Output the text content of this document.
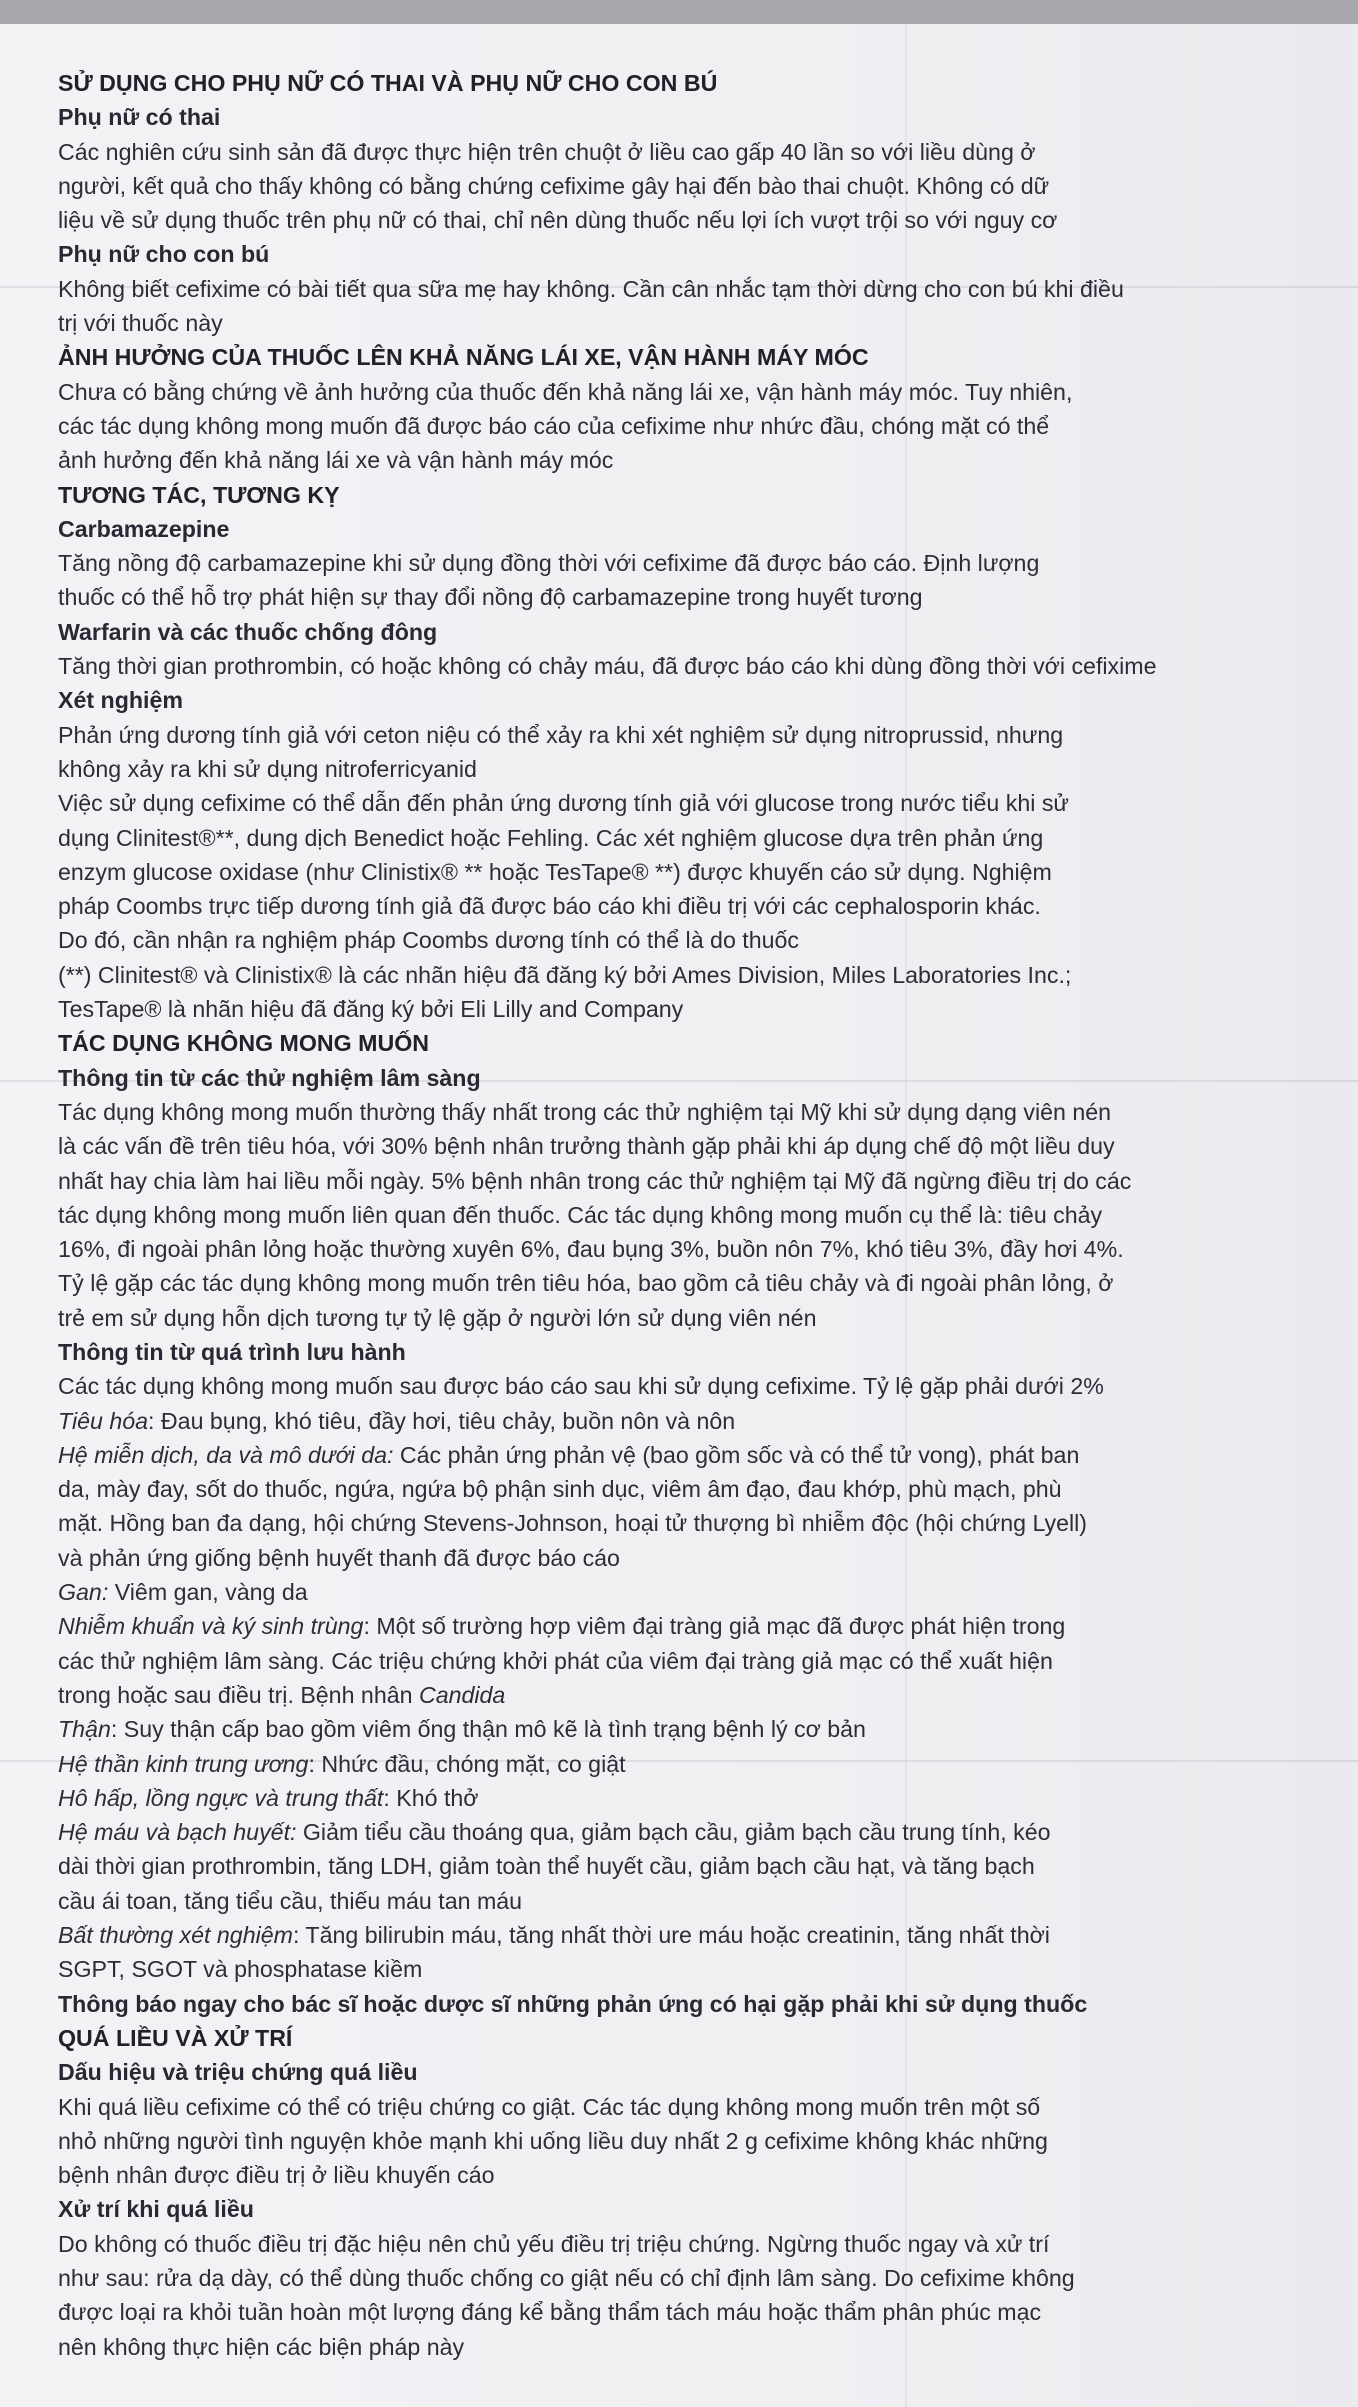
SỬ DỤNG CHO PHỤ NỮ CÓ THAI VÀ PHỤ NỮ CHO CON BÚ

Phụ nữ có thai

Các nghiên cứu sinh sản đã được thực hiện trên chuột ở liều cao gấp 40 lần so với liều dùng ở

người, kết quả cho thấy không có bằng chứng cefixime gây hại đến bào thai chuột. Không có dữ

liệu về sử dụng thuốc trên phụ nữ có thai, chỉ nên dùng thuốc nếu lợi ích vượt trội so với nguy cơ

Phụ nữ cho con bú

Không biết cefixime có bài tiết qua sữa mẹ hay không. Cần cân nhắc tạm thời dừng cho con bú khi điều

trị với thuốc này

ẢNH HƯỞNG CỦA THUỐC LÊN KHẢ NĂNG LÁI XE, VẬN HÀNH MÁY MÓC

Chưa có bằng chứng về ảnh hưởng của thuốc đến khả năng lái xe, vận hành máy móc. Tuy nhiên,

các tác dụng không mong muốn đã được báo cáo của cefixime như nhức đầu, chóng mặt có thể

ảnh hưởng đến khả năng lái xe và vận hành máy móc

TƯƠNG TÁC, TƯƠNG KỴ

Carbamazepine

Tăng nồng độ carbamazepine khi sử dụng đồng thời với cefixime đã được báo cáo. Định lượng

thuốc có thể hỗ trợ phát hiện sự thay đổi nồng độ carbamazepine trong huyết tương

Warfarin và các thuốc chống đông

Tăng thời gian prothrombin, có hoặc không có chảy máu, đã được báo cáo khi dùng đồng thời với cefixime

Xét nghiệm

Phản ứng dương tính giả với ceton niệu có thể xảy ra khi xét nghiệm sử dụng nitroprussid, nhưng

không xảy ra khi sử dụng nitroferricyanid

Việc sử dụng cefixime có thể dẫn đến phản ứng dương tính giả với glucose trong nước tiểu khi sử

dụng Clinitest®**, dung dịch Benedict hoặc Fehling. Các xét nghiệm glucose dựa trên phản ứng

enzym glucose oxidase (như Clinistix® ** hoặc TesTape® **) được khuyến cáo sử dụng. Nghiệm

pháp Coombs trực tiếp dương tính giả đã được báo cáo khi điều trị với các cephalosporin khác.

Do đó, cần nhận ra nghiệm pháp Coombs dương tính có thể là do thuốc

(**) Clinitest® và Clinistix® là các nhãn hiệu đã đăng ký bởi Ames Division, Miles Laboratories Inc.;

TesTape® là nhãn hiệu đã đăng ký bởi Eli Lilly and Company

TÁC DỤNG KHÔNG MONG MUỐN

Thông tin từ các thử nghiệm lâm sàng

Tác dụng không mong muốn thường thấy nhất trong các thử nghiệm tại Mỹ khi sử dụng dạng viên nén

là các vấn đề trên tiêu hóa, với 30% bệnh nhân trưởng thành gặp phải khi áp dụng chế độ một liều duy

nhất hay chia làm hai liều mỗi ngày. 5% bệnh nhân trong các thử nghiệm tại Mỹ đã ngừng điều trị do các

tác dụng không mong muốn liên quan đến thuốc. Các tác dụng không mong muốn cụ thể là: tiêu chảy

16%, đi ngoài phân lỏng hoặc thường xuyên 6%, đau bụng 3%, buồn nôn 7%, khó tiêu 3%, đầy hơi 4%.

Tỷ lệ gặp các tác dụng không mong muốn trên tiêu hóa, bao gồm cả tiêu chảy và đi ngoài phân lỏng, ở

trẻ em sử dụng hỗn dịch tương tự tỷ lệ gặp ở người lớn sử dụng viên nén

Thông tin từ quá trình lưu hành

Các tác dụng không mong muốn sau được báo cáo sau khi sử dụng cefixime. Tỷ lệ gặp phải dưới 2%

Tiêu hóa: Đau bụng, khó tiêu, đầy hơi, tiêu chảy, buồn nôn và nôn

Hệ miễn dịch, da và mô dưới da: Các phản ứng phản vệ (bao gồm sốc và có thể tử vong), phát ban

da, mày đay, sốt do thuốc, ngứa, ngứa bộ phận sinh dục, viêm âm đạo, đau khớp, phù mạch, phù

mặt. Hồng ban đa dạng, hội chứng Stevens-Johnson, hoại tử thượng bì nhiễm độc (hội chứng Lyell)

và phản ứng giống bệnh huyết thanh đã được báo cáo

Gan: Viêm gan, vàng da

Nhiễm khuẩn và ký sinh trùng: Một số trường hợp viêm đại tràng giả mạc đã được phát hiện trong

các thử nghiệm lâm sàng. Các triệu chứng khởi phát của viêm đại tràng giả mạc có thể xuất hiện

trong hoặc sau điều trị. Bệnh nhân Candida

Thận: Suy thận cấp bao gồm viêm ống thận mô kẽ là tình trạng bệnh lý cơ bản

Hệ thần kinh trung ương: Nhức đầu, chóng mặt, co giật

Hô hấp, lồng ngực và trung thất: Khó thở

Hệ máu và bạch huyết: Giảm tiểu cầu thoáng qua, giảm bạch cầu, giảm bạch cầu trung tính, kéo

dài thời gian prothrombin, tăng LDH, giảm toàn thể huyết cầu, giảm bạch cầu hạt, và tăng bạch

cầu ái toan, tăng tiểu cầu, thiếu máu tan máu

Bất thường xét nghiệm: Tăng bilirubin máu, tăng nhất thời ure máu hoặc creatinin, tăng nhất thời

SGPT, SGOT và phosphatase kiềm

Thông báo ngay cho bác sĩ hoặc dược sĩ những phản ứng có hại gặp phải khi sử dụng thuốc

QUÁ LIỀU VÀ XỬ TRÍ

Dấu hiệu và triệu chứng quá liều

Khi quá liều cefixime có thể có triệu chứng co giật. Các tác dụng không mong muốn trên một số

nhỏ những người tình nguyện khỏe mạnh khi uống liều duy nhất 2 g cefixime không khác những

bệnh nhân được điều trị ở liều khuyến cáo

Xử trí khi quá liều

Do không có thuốc điều trị đặc hiệu nên chủ yếu điều trị triệu chứng. Ngừng thuốc ngay và xử trí

như sau: rửa dạ dày, có thể dùng thuốc chống co giật nếu có chỉ định lâm sàng. Do cefixime không

được loại ra khỏi tuần hoàn một lượng đáng kể bằng thẩm tách máu hoặc thẩm phân phúc mạc

nên không thực hiện các biện pháp này
